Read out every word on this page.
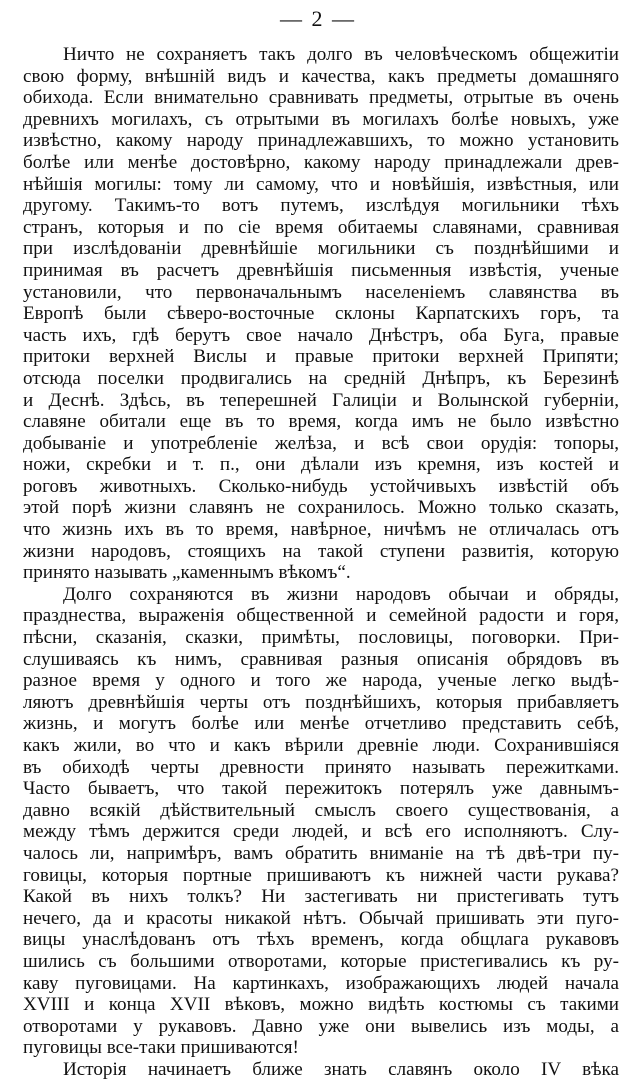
— 2 —
Ничто не сохраняетъ такъ долго въ человѣческомъ общежитіи
свою форму, внѣшній видъ и качества, какъ предметы домашняго
обихода. Если внимательно сравнивать предметы, отрытые въ очень
древнихъ могилахъ, съ отрытыми въ могилахъ болѣе новыхъ, уже
извѣстно, какому народу принадлежавшихъ, то можно установить
болѣе или менѣе достовѣрно, какому народу принадлежали древ-
нѣйшія могилы: тому ли самому, что и новѣйшія, извѣстныя, или
другому. Такимъ-то вотъ путемъ, изслѣдуя могильники тѣхъ
странъ, которыя и по сіе время обитаемы славянами, сравнивая
при изслѣдованіи древнѣйшіе могильники съ позднѣйшими и
принимая въ расчетъ древнѣйшія письменныя извѣстія, ученые
установили, что первоначальнымъ населеніемъ славянства въ
Европѣ были сѣверо-восточные склоны Карпатскихъ горъ, та
часть ихъ, гдѣ берутъ свое начало Днѣстръ, оба Буга, правые
притоки верхней Вислы и правые притоки верхней Припяти;
отсюда поселки продвигались на средній Днѣпръ, къ Березинѣ
и Деснѣ. Здѣсь, въ теперешней Галиціи и Волынской губерніи,
славяне обитали еще въ то время, когда имъ не было извѣстно
добываніе и употребленіе желѣза, и всѣ свои орудія: топоры,
ножи, скребки и т. п., они дѣлали изъ кремня, изъ костей и
роговъ животныхъ. Сколько-нибудь устойчивыхъ извѣстій объ
этой порѣ жизни славянъ не сохранилось. Можно только сказать,
что жизнь ихъ въ то время, навѣрное, ничѣмъ не отличалась отъ
жизни народовъ, стоящихъ на такой ступени развитія, которую
принято называть „каменнымъ вѣкомъ“.
Долго сохраняются въ жизни народовъ обычаи и обряды,
празднества, выраженія общественной и семейной радости и горя,
пѣсни, сказанія, сказки, примѣты, пословицы, поговорки. При-
слушиваясь къ нимъ, сравнивая разныя описанія обрядовъ въ
разное время у одного и того же народа, ученые легко выдѣ-
ляютъ древнѣйшія черты отъ позднѣйшихъ, которыя прибавляетъ
жизнь, и могутъ болѣе или менѣе отчетливо представить себѣ,
какъ жили, во что и какъ вѣрили древніе люди. Сохранившіяся
въ обиходѣ черты древности принято называть пережитками.
Часто бываетъ, что такой пережитокъ потерялъ уже давнымъ-
давно всякій дѣйствительный смыслъ своего существованія, а
между тѣмъ держится среди людей, и всѣ его исполняютъ. Слу-
чалось ли, напримѣръ, вамъ обратить вниманіе на тѣ двѣ-три пу-
говицы, которыя портные пришиваютъ къ нижней части рукава?
Какой въ нихъ толкъ? Ни застегивать ни пристегивать тутъ
нечего, да и красоты никакой нѣтъ. Обычай пришивать эти пуго-
вицы унаслѣдованъ отъ тѣхъ временъ, когда общлага рукавовъ
шились съ большими отворотами, которые пристегивались къ ру-
каву пуговицами. На картинкахъ, изображающихъ людей начала
XVIII и конца XVII вѣковъ, можно видѣть костюмы съ такими
отворотами у рукавовъ. Давно уже они вывелись изъ моды, а
пуговицы все-таки пришиваются!
Исторія начинаетъ ближе знать славянъ около IV вѣка
